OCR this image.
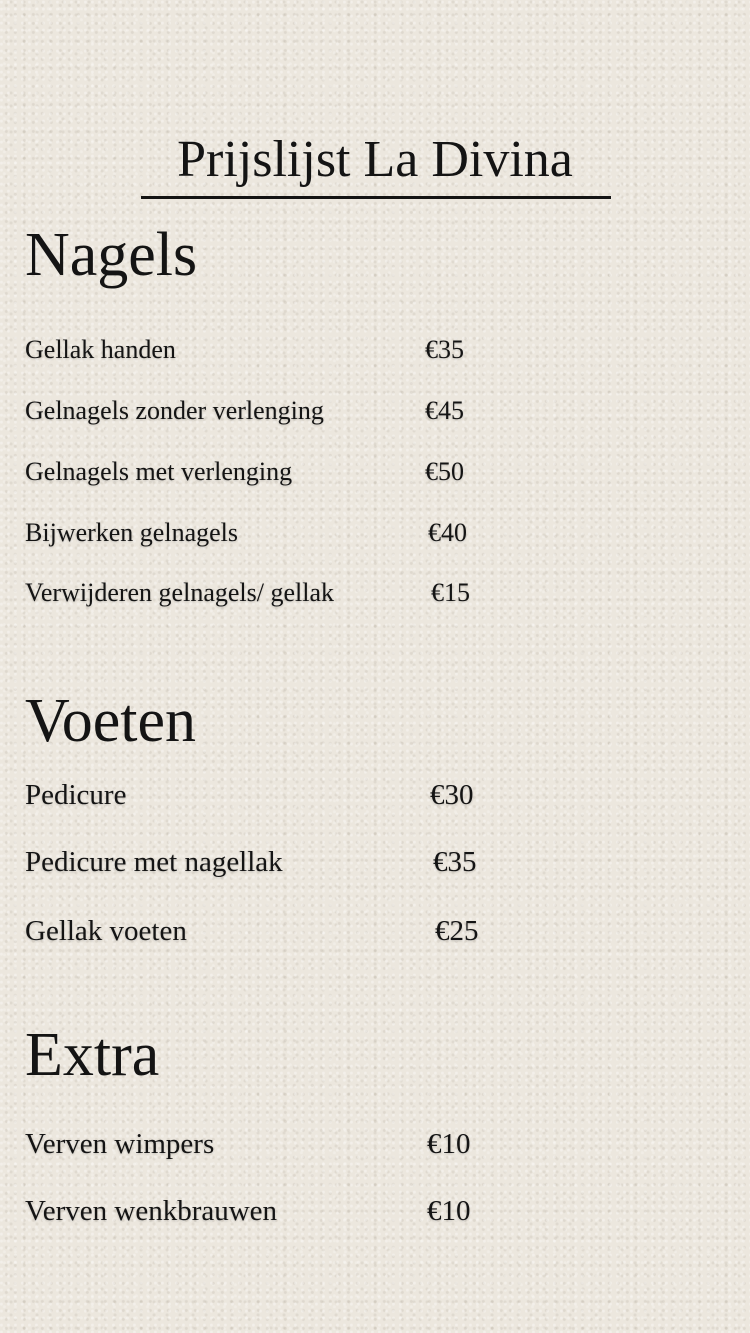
Prijslijst La Divina
Nagels
Gellak handen	€35
Gelnagels zonder verlenging	€45
Gelnagels met verlenging	€50
Bijwerken gelnagels	€40
Verwijderen gelnagels/ gellak	€15
Voeten
Pedicure	€30
Pedicure met nagellak	€35
Gellak voeten	€25
Extra
Verven wimpers	€10
Verven wenkbrauwen	€10
